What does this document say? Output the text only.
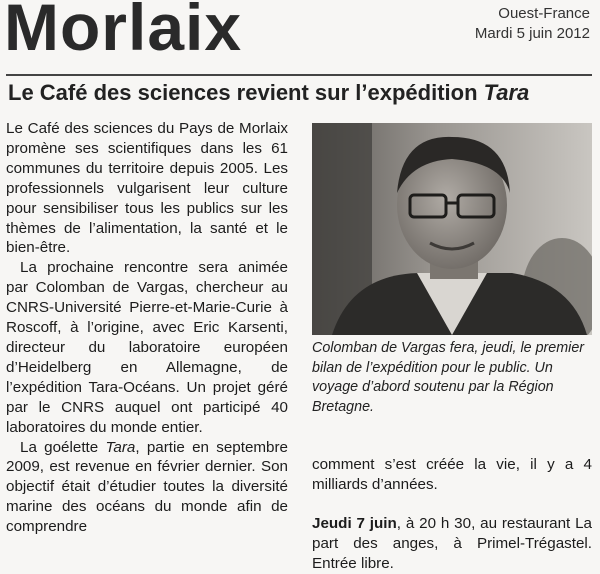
Morlaix	Ouest-France
Mardi 5 juin 2012
Le Café des sciences revient sur l’expédition Tara

Le Café des sciences du Pays de Morlaix promène ses scientifiques dans les 61 communes du territoire depuis 2005. Les professionnels vulgarisent leur culture pour sensibiliser tous les publics sur les thèmes de l’alimentation, la santé et le bien-être.

La prochaine rencontre sera animée par Colomban de Vargas, chercheur au CNRS-Université Pierre-et-Marie-Curie à Roscoff, à l’origine, avec Eric Karsenti, directeur du laboratoire européen d’Heidelberg en Allemagne, de l’expédition Tara-Océans. Un projet géré par le CNRS auquel ont participé 40 laboratoires du monde entier.

La goélette Tara, partie en septembre 2009, est revenue en février dernier. Son objectif était d’étudier toutes la diversité marine des océans du monde afin de comprendre

Colomban de Vargas fera, jeudi, le premier bilan de l’expédition pour le public. Un voyage d’abord soutenu par la Région Bretagne.

comment s’est créée la vie, il y a 4 milliards d’années.

Jeudi 7 juin, à 20 h 30, au restaurant La part des anges, à Primel-Trégastel. Entrée libre.
